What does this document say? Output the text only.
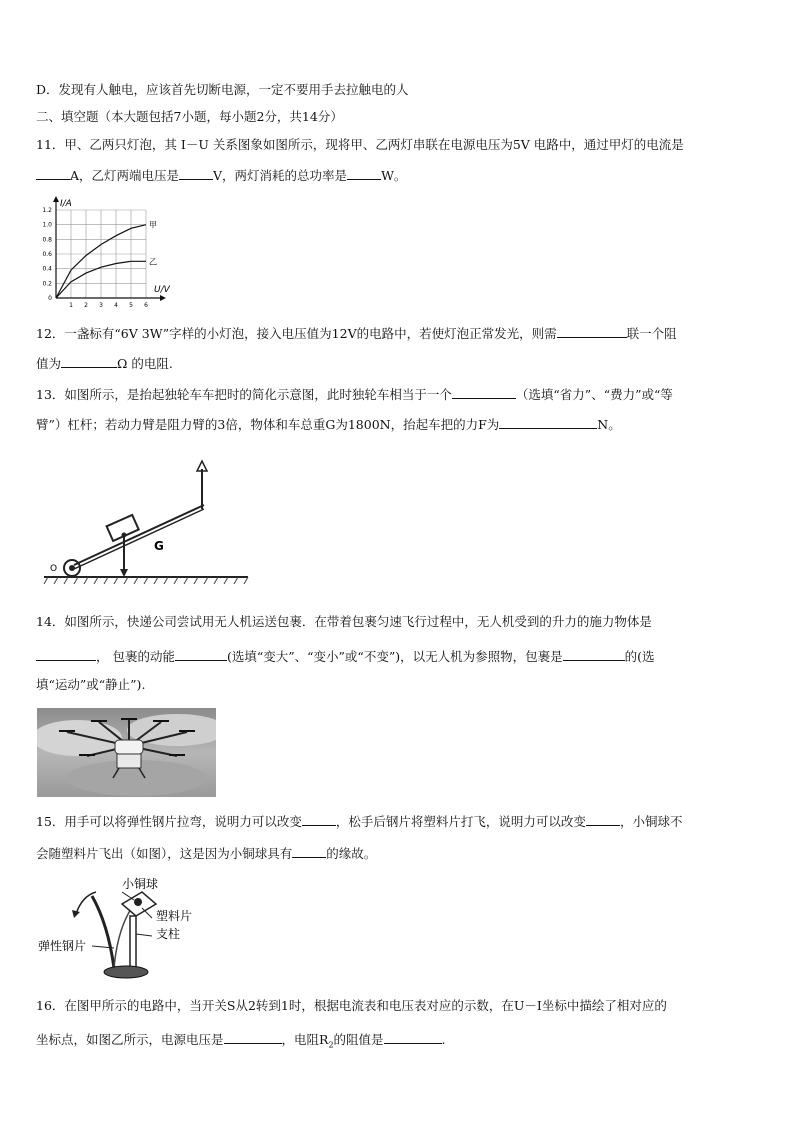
D．发现有人触电，应该首先切断电源，一定不要用手去拉触电的人
二、填空题（本大题包括7小题，每小题2分，共14分）
11．甲、乙两只灯泡，其 I－U 关系图象如图所示，现将甲、乙两灯串联在电源电压为5V 电路中，通过甲灯的电流是
A，乙灯两端电压是	V，两灯消耗的总功率是	W。
1 2 3 4 5 6
0
0.2
0.4
0.6
0.8
1.0
1.2
I/A
U/V
甲
乙
12．一盏标有“6V 3W”字样的小灯泡，接入电压值为12V的电路中，若使灯泡正常发光，则需	联一个阻
值为	Ω 的电阻.
13．如图所示，是抬起独轮车车把时的简化示意图，此时独轮车相当于一个	（选填“省力”、“费力”或“等
臂”）杠杆；若动力臂是阻力臂的3倍，物体和车总重G为1800N，抬起车把的力F为	N。
G
O
14．如图所示，快递公司尝试用无人机运送包裹．在带着包裹匀速飞行过程中，无人机受到的升力的施力物体是
， 包裹的动能	(选填“变大”、“变小”或“不变”)，以无人机为参照物，包裹是	的(选
填“运动”或“静止”).
15．用手可以将弹性钢片拉弯，说明力可以改变	，松手后钢片将塑料片打飞，说明力可以改变	，小铜球不
会随塑料片飞出（如图），这是因为小铜球具有	的缘故。
小铜球
塑料片
支柱
弹性钢片
16．在图甲所示的电路中，当开关S从2转到1时，根据电流表和电压表对应的示数，在U－I坐标中描绘了相对应的
坐标点，如图乙所示，电源电压是	，电阻$R_2$的阻值是	.
